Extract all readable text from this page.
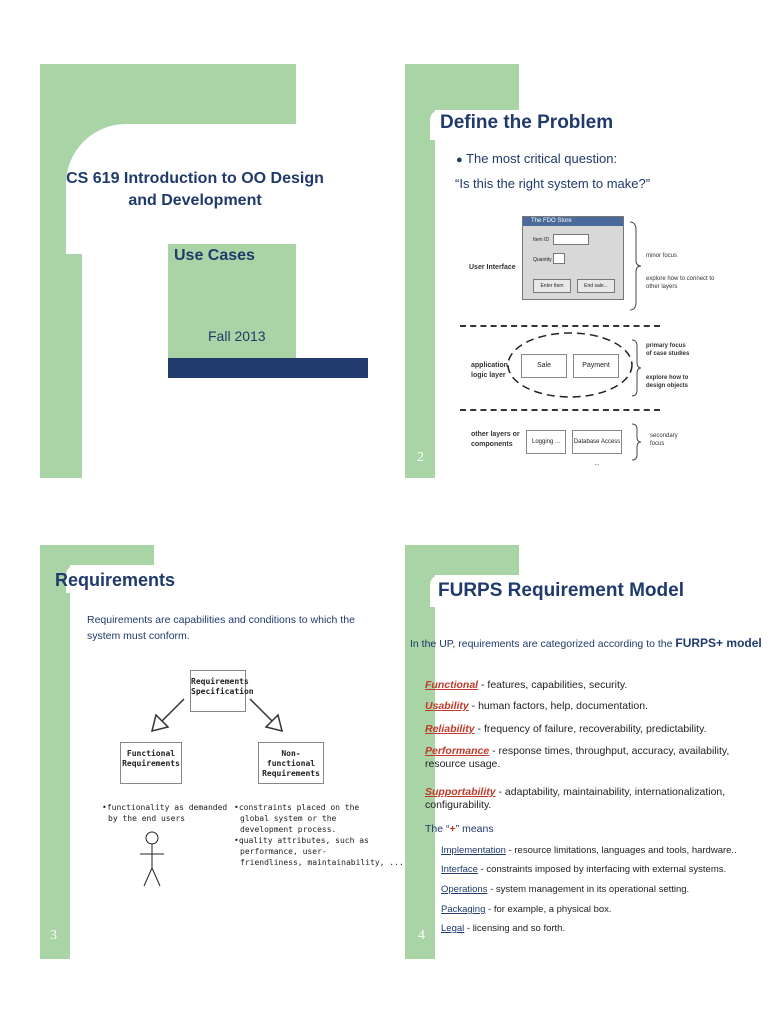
CS 619 Introduction to OO Design
and Development
Use Cases
Fall 2013
2
Define the Problem
● The most critical question:
“Is this the right system to make?”
The FDO Store
Item ID
Quantity
Enter Item	End sale...
User Interface
minor focus
explore how to connect to
other layers
Sale	Payment
application
logic layer
primary focus
of case studies
explore how to
design objects
other layers or
components	Logging ...	Database Access ...
secondary
focus
3
Requirements
Requirements are capabilities and conditions to which the
system must conform.
Requirements
Specification
Functional
Requirements
Non-functional
Requirements
•functionality as demanded
by the end users
•constraints placed on the
global system or the
development process.
•quality attributes, such as
performance, user-
friendliness, maintainability, ...
4
FURPS Requirement Model
In the UP, requirements are categorized according to the FURPS+ model
Functional - features, capabilities, security.
Usability - human factors, help, documentation.
Reliability - frequency of failure, recoverability, predictability.
Performance - response times, throughput, accuracy, availability,
resource usage.
Supportability - adaptability, maintainability, internationalization,
configurability.
The “+” means
Implementation - resource limitations, languages and tools, hardware..
Interface - constraints imposed by interfacing with external systems.
Operations - system management in its operational setting.
Packaging - for example, a physical box.
Legal - licensing and so forth.
